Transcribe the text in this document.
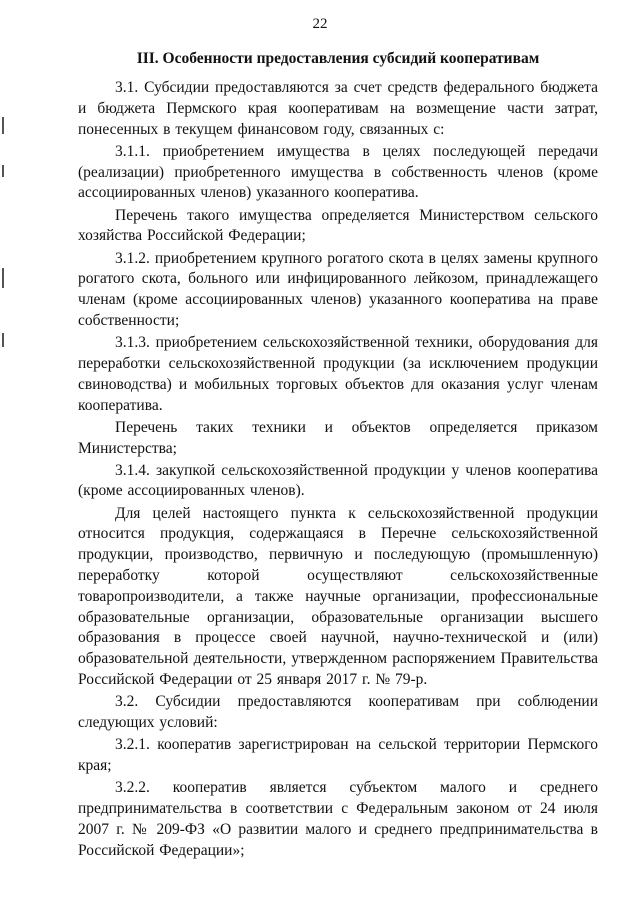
22
III. Особенности предоставления субсидий кооперативам

3.1. Субсидии предоставляются за счет средств федерального бюджета и бюджета Пермского края кооперативам на возмещение части затрат, понесенных в текущем финансовом году, связанных с:

3.1.1. приобретением имущества в целях последующей передачи (реализации) приобретенного имущества в собственность членов (кроме ассоциированных членов) указанного кооператива.

Перечень такого имущества определяется Министерством сельского хозяйства Российской Федерации;

3.1.2. приобретением крупного рогатого скота в целях замены крупного рогатого скота, больного или инфицированного лейкозом, принадлежащего членам (кроме ассоциированных членов) указанного кооператива на праве собственности;

3.1.3. приобретением сельскохозяйственной техники, оборудования для переработки сельскохозяйственной продукции (за исключением продукции свиноводства) и мобильных торговых объектов для оказания услуг членам кооператива.

Перечень таких техники и объектов определяется приказом Министерства;

3.1.4. закупкой сельскохозяйственной продукции у членов кооператива (кроме ассоциированных членов).

Для целей настоящего пункта к сельскохозяйственной продукции относится продукция, содержащаяся в Перечне сельскохозяйственной продукции, производство, первичную и последующую (промышленную) переработку которой осуществляют сельскохозяйственные товаропроизводители, а также научные организации, профессиональные образовательные организации, образовательные организации высшего образования в процессе своей научной, научно-технической и (или) образовательной деятельности, утвержденном распоряжением Правительства Российской Федерации от 25 января 2017 г. № 79-р.

3.2. Субсидии предоставляются кооперативам при соблюдении следующих условий:

3.2.1. кооператив зарегистрирован на сельской территории Пермского края;

3.2.2. кооператив является субъектом малого и среднего предпринимательства в соответствии с Федеральным законом от 24 июля 2007 г. № 209-ФЗ «О развитии малого и среднего предпринимательства в Российской Федерации»;
